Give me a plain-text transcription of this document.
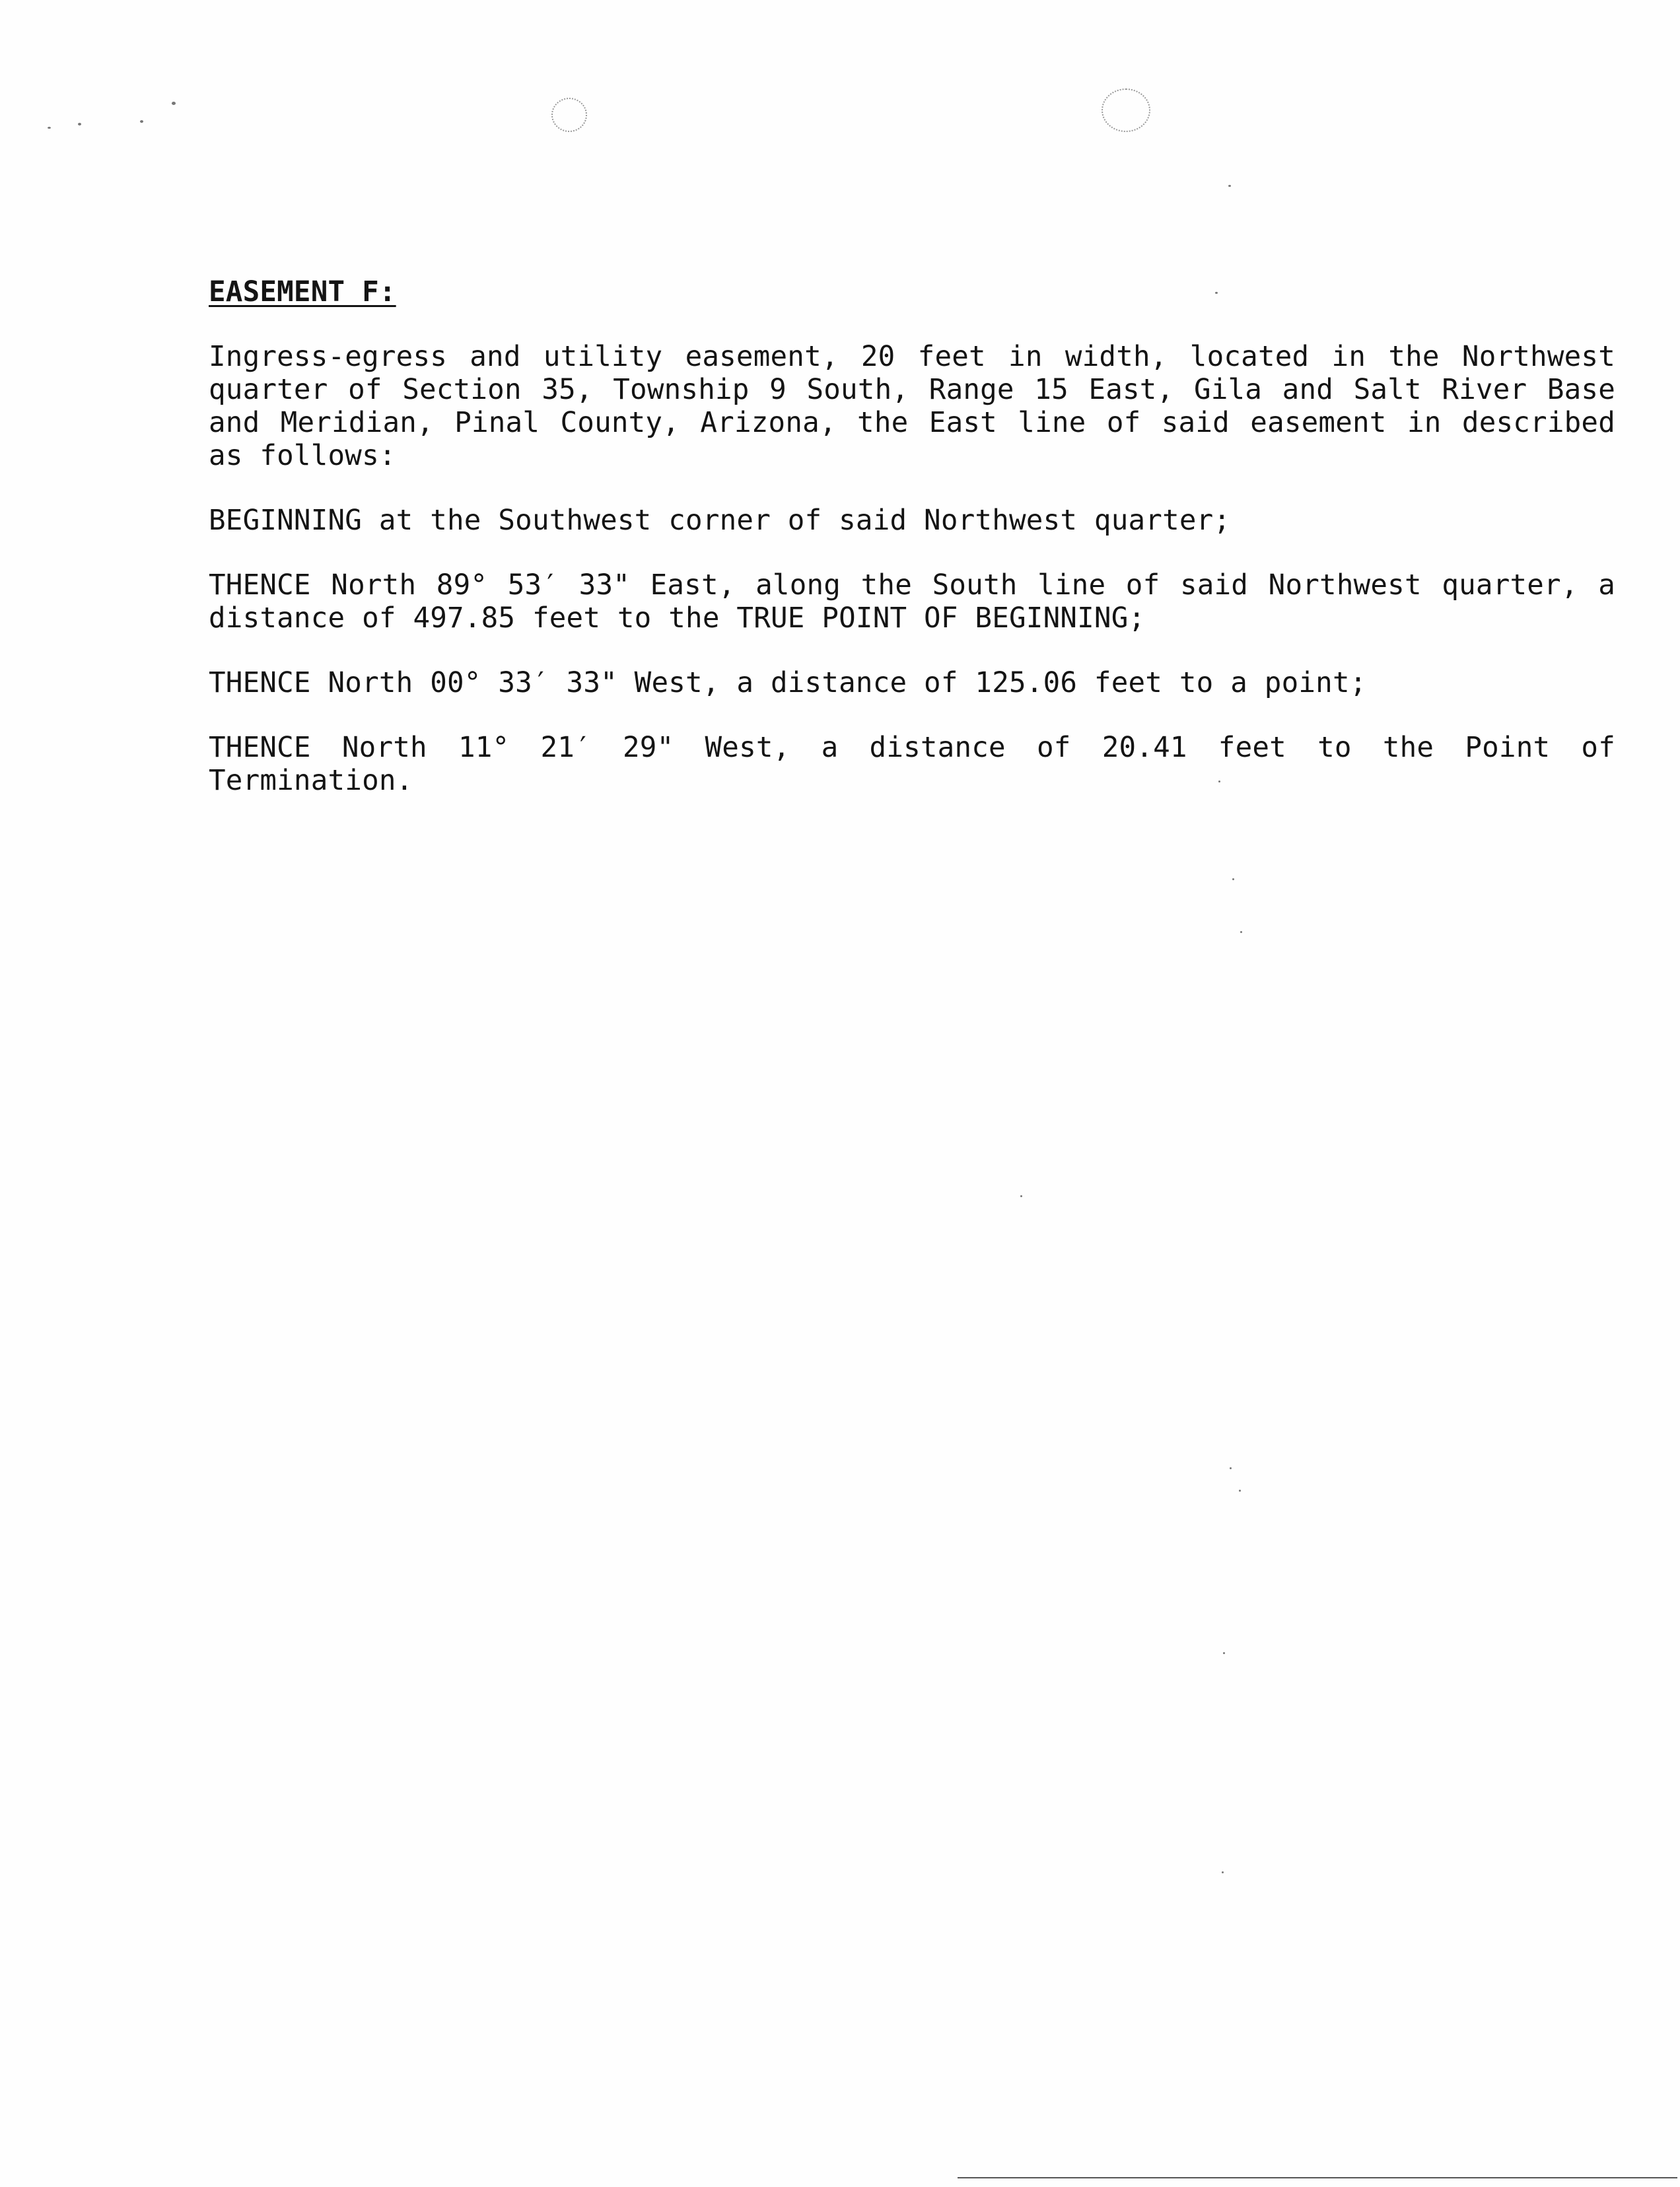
EASEMENT F:

Ingress-egress and utility easement, 20 feet in width, located in the Northwest quarter of Section 35, Township 9 South, Range 15 East, Gila and Salt River Base and Meridian, Pinal County, Arizona, the East line of said easement in described as follows:

BEGINNING at the Southwest corner of said Northwest quarter;

THENCE North 89° 53′ 33" East, along the South line of said Northwest quarter, a distance of 497.85 feet to the TRUE POINT OF BEGINNING;

THENCE North 00° 33′ 33" West, a distance of 125.06 feet to a point;

THENCE North 11° 21′ 29" West, a distance of 20.41 feet to the Point of Termination.
